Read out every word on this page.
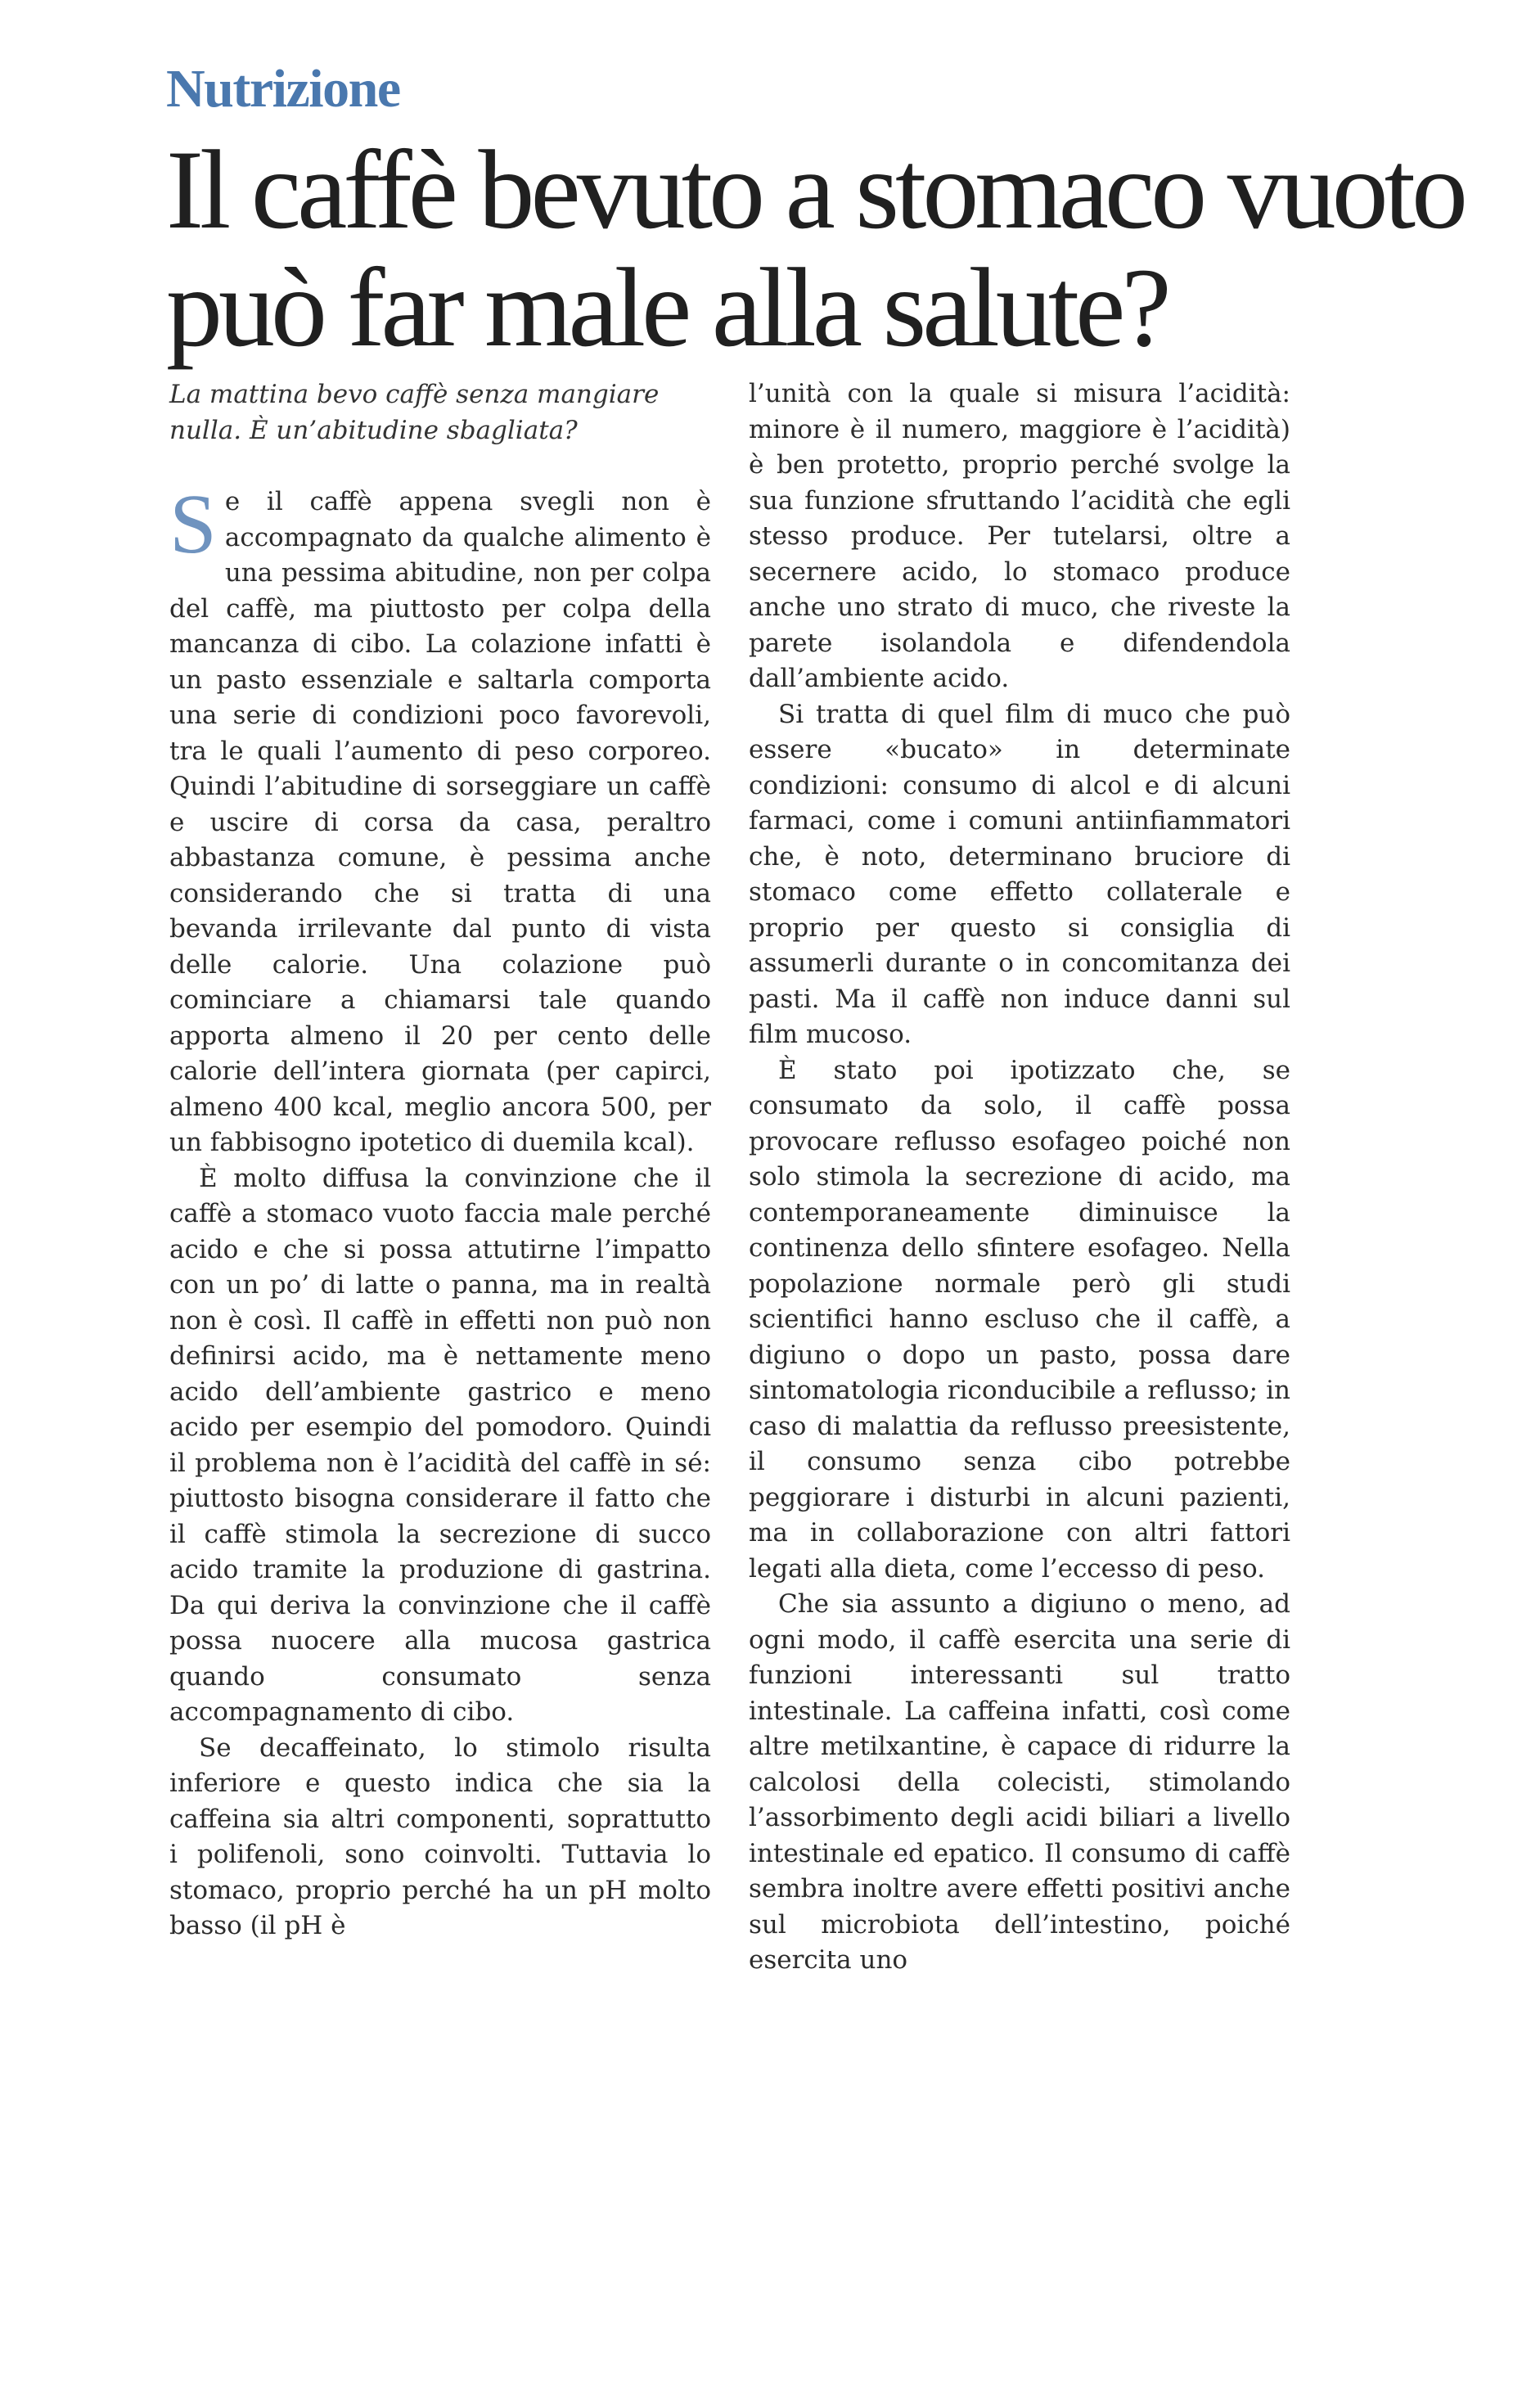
Nutrizione
Il caffè bevuto a stomaco vuoto può far male alla salute?

La mattina bevo caffè senza mangiare nulla. È un’abitudine sbagliata?

Se il caffè appena svegli non è accompagnato da qualche alimento è una pessima abitudine, non per colpa del caffè, ma piuttosto per colpa della mancanza di cibo. La colazione infatti è un pasto essenziale e saltarla comporta una serie di condizioni poco favorevoli, tra le quali l’aumento di peso corporeo. Quindi l’abitudine di sorseggiare un caffè e uscire di corsa da casa, peraltro abbastanza comune, è pessima anche considerando che si tratta di una bevanda irrilevante dal punto di vista delle calorie. Una colazione può cominciare a chiamarsi tale quando apporta almeno il 20 per cento delle calorie dell’intera giornata (per capirci, almeno 400 kcal, meglio ancora 500, per un fabbisogno ipotetico di duemila kcal).

È molto diffusa la convinzione che il caffè a stomaco vuoto faccia male perché acido e che si possa attutirne l’impatto con un po’ di latte o panna, ma in realtà non è così. Il caffè in effetti non può non definirsi acido, ma è nettamente meno acido dell’ambiente gastrico e meno acido per esempio del pomodoro. Quindi il problema non è l’acidità del caffè in sé: piuttosto bisogna considerare il fatto che il caffè stimola la secrezione di succo acido tramite la produzione di gastrina. Da qui deriva la convinzione che il caffè possa nuocere alla mucosa gastrica quando consumato senza accompagnamento di cibo.

Se decaffeinato, lo stimolo risulta inferiore e questo indica che sia la caffeina sia altri componenti, soprattutto i polifenoli, sono coinvolti. Tuttavia lo stomaco, proprio perché ha un pH molto basso (il pH è

l’unità con la quale si misura l’acidità: minore è il numero, maggiore è l’acidità) è ben protetto, proprio perché svolge la sua funzione sfruttando l’acidità che egli stesso produce. Per tutelarsi, oltre a secernere acido, lo stomaco produce anche uno strato di muco, che riveste la parete isolandola e difendendola dall’ambiente acido.

Si tratta di quel film di muco che può essere «bucato» in determinate condizioni: consumo di alcol e di alcuni farmaci, come i comuni antiinfiammatori che, è noto, determinano bruciore di stomaco come effetto collaterale e proprio per questo si consiglia di assumerli durante o in concomitanza dei pasti. Ma il caffè non induce danni sul film mucoso.

È stato poi ipotizzato che, se consumato da solo, il caffè possa provocare reflusso esofageo poiché non solo stimola la secrezione di acido, ma contemporaneamente diminuisce la continenza dello sfintere esofageo. Nella popolazione normale però gli studi scientifici hanno escluso che il caffè, a digiuno o dopo un pasto, possa dare sintomatologia riconducibile a reflusso; in caso di malattia da reflusso preesistente, il consumo senza cibo potrebbe peggiorare i disturbi in alcuni pazienti, ma in collaborazione con altri fattori legati alla dieta, come l’eccesso di peso.

Che sia assunto a digiuno o meno, ad ogni modo, il caffè esercita una serie di funzioni interessanti sul tratto intestinale. La caffeina infatti, così come altre metilxantine, è capace di ridurre la calcolosi della colecisti, stimolando l’assorbimento degli acidi biliari a livello intestinale ed epatico. Il consumo di caffè sembra inoltre avere effetti positivi anche sul microbiota dell’intestino, poiché esercita uno
